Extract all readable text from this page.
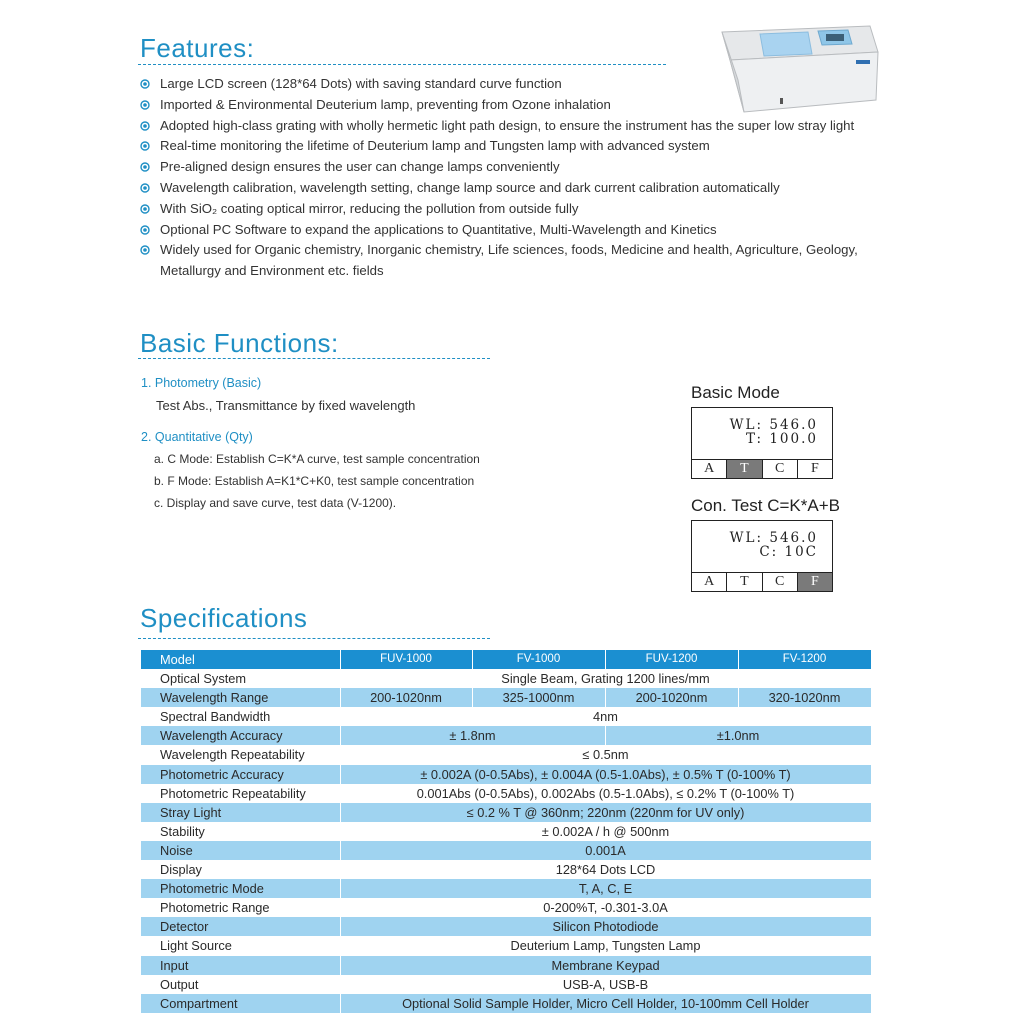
Features:
Large LCD screen (128*64 Dots) with saving standard curve function
Imported & Environmental Deuterium lamp, preventing from Ozone inhalation
Adopted high-class grating with wholly hermetic light path design, to ensure the instrument has the super low stray light
Real-time monitoring the lifetime of Deuterium lamp and Tungsten lamp with advanced system
Pre-aligned design ensures the user can change lamps conveniently
Wavelength calibration, wavelength setting, change lamp source and dark current calibration automatically
With SiO₂ coating optical mirror, reducing the pollution from outside fully
Optional PC Software to expand the applications to Quantitative, Multi-Wavelength and Kinetics
Widely used for Organic chemistry, Inorganic chemistry, Life sciences, foods, Medicine and health, Agriculture, Geology, Metallurgy and Environment etc. fields
Basic Functions:
1. Photometry (Basic)
Test Abs., Transmittance by fixed wavelength
2. Quantitative (Qty)
a. C Mode: Establish C=K*A curve, test sample concentration
b. F Mode: Establish A=K1*C+K0, test sample concentration
c. Display and save curve, test data (V-1200).
Basic Mode
WL: 546.0
T: 100.0
A	T	C	F
Con. Test C=K*A+B
WL: 546.0
C: 10C
A	T	C	F
Specifications
Model	FUV-1000	FV-1000	FUV-1200	FV-1200
Optical System	Single Beam, Grating 1200 lines/mm			
Wavelength Range	200-1020nm	325-1000nm	200-1020nm	320-1020nm
Spectral Bandwidth	4nm			
Wavelength Accuracy	± 1.8nm		±1.0nm	
Wavelength Repeatability	≤ 0.5nm			
Photometric Accuracy	± 0.002A (0-0.5Abs), ± 0.004A (0.5-1.0Abs), ± 0.5% T (0-100% T)			
Photometric Repeatability	0.001Abs (0-0.5Abs), 0.002Abs (0.5-1.0Abs), ≤ 0.2% T (0-100% T)			
Stray Light	≤ 0.2 % T @ 360nm; 220nm (220nm for UV only)			
Stability	± 0.002A / h @ 500nm			
Noise	0.001A			
Display	128*64 Dots LCD			
Photometric Mode	T, A, C, E			
Photometric Range	0-200%T, -0.301-3.0A			
Detector	Silicon Photodiode			
Light Source	Deuterium Lamp, Tungsten Lamp			
Input	Membrane Keypad			
Output	USB-A, USB-B			
Compartment	Optional Solid Sample Holder, Micro Cell Holder, 10-100mm Cell Holder			
